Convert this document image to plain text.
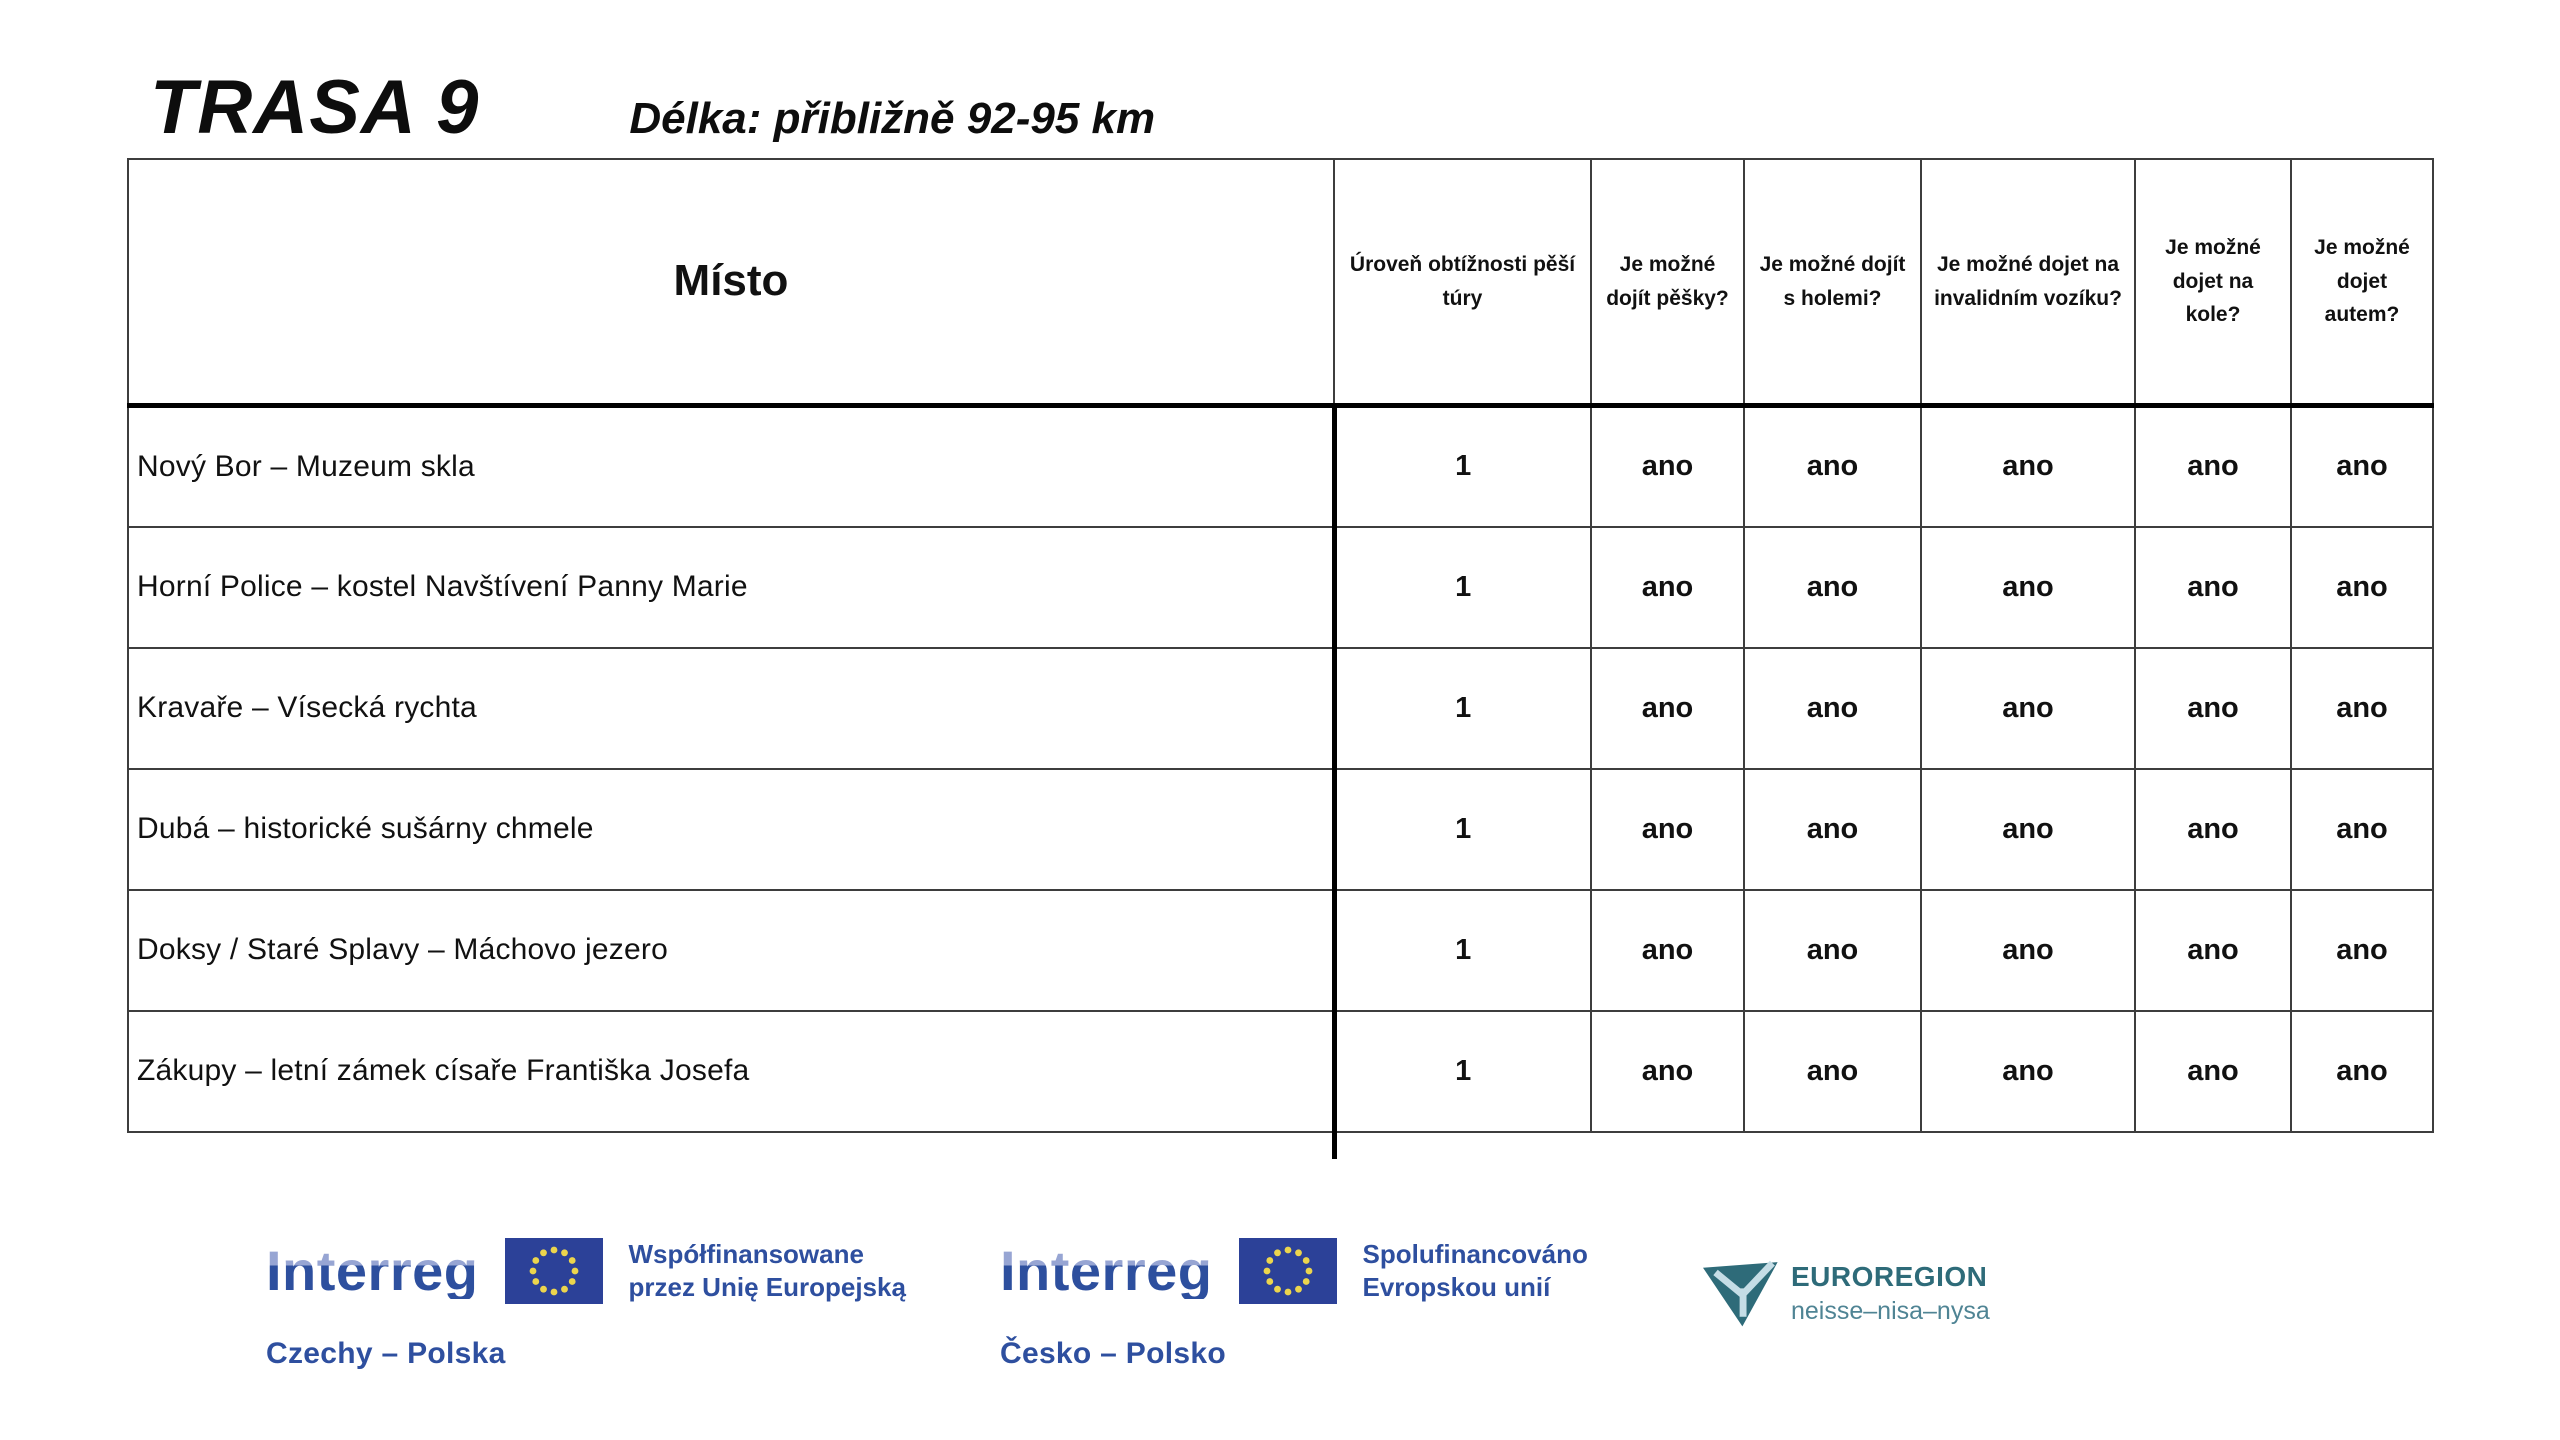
TRASA 9	Délka: přibližně 92-95 km
Místo	Úroveň obtížnosti pěší túry	Je možné dojít pěšky?	Je možné dojít s holemi?	Je možné dojet na invalidním vozíku?	Je možné dojet na kole?	Je možné dojet autem?
Nový Bor – Muzeum skla	1	ano	ano	ano	ano	ano
Horní Police – kostel Navštívení Panny Marie	1	ano	ano	ano	ano	ano
Kravaře – Vísecká rychta	1	ano	ano	ano	ano	ano
Dubá – historické sušárny chmele	1	ano	ano	ano	ano	ano
Doksy / Staré Splavy – Máchovo jezero	1	ano	ano	ano	ano	ano
Zákupy – letní zámek císaře Františka Josefa	1	ano	ano	ano	ano	ano
Interreg	Współfinansowane
przez Unię Europejską
Czechy – Polska
Interreg	Spolufinancováno
Evropskou unií
Česko – Polsko
EUROREGION
neisse–nisa–nysa
